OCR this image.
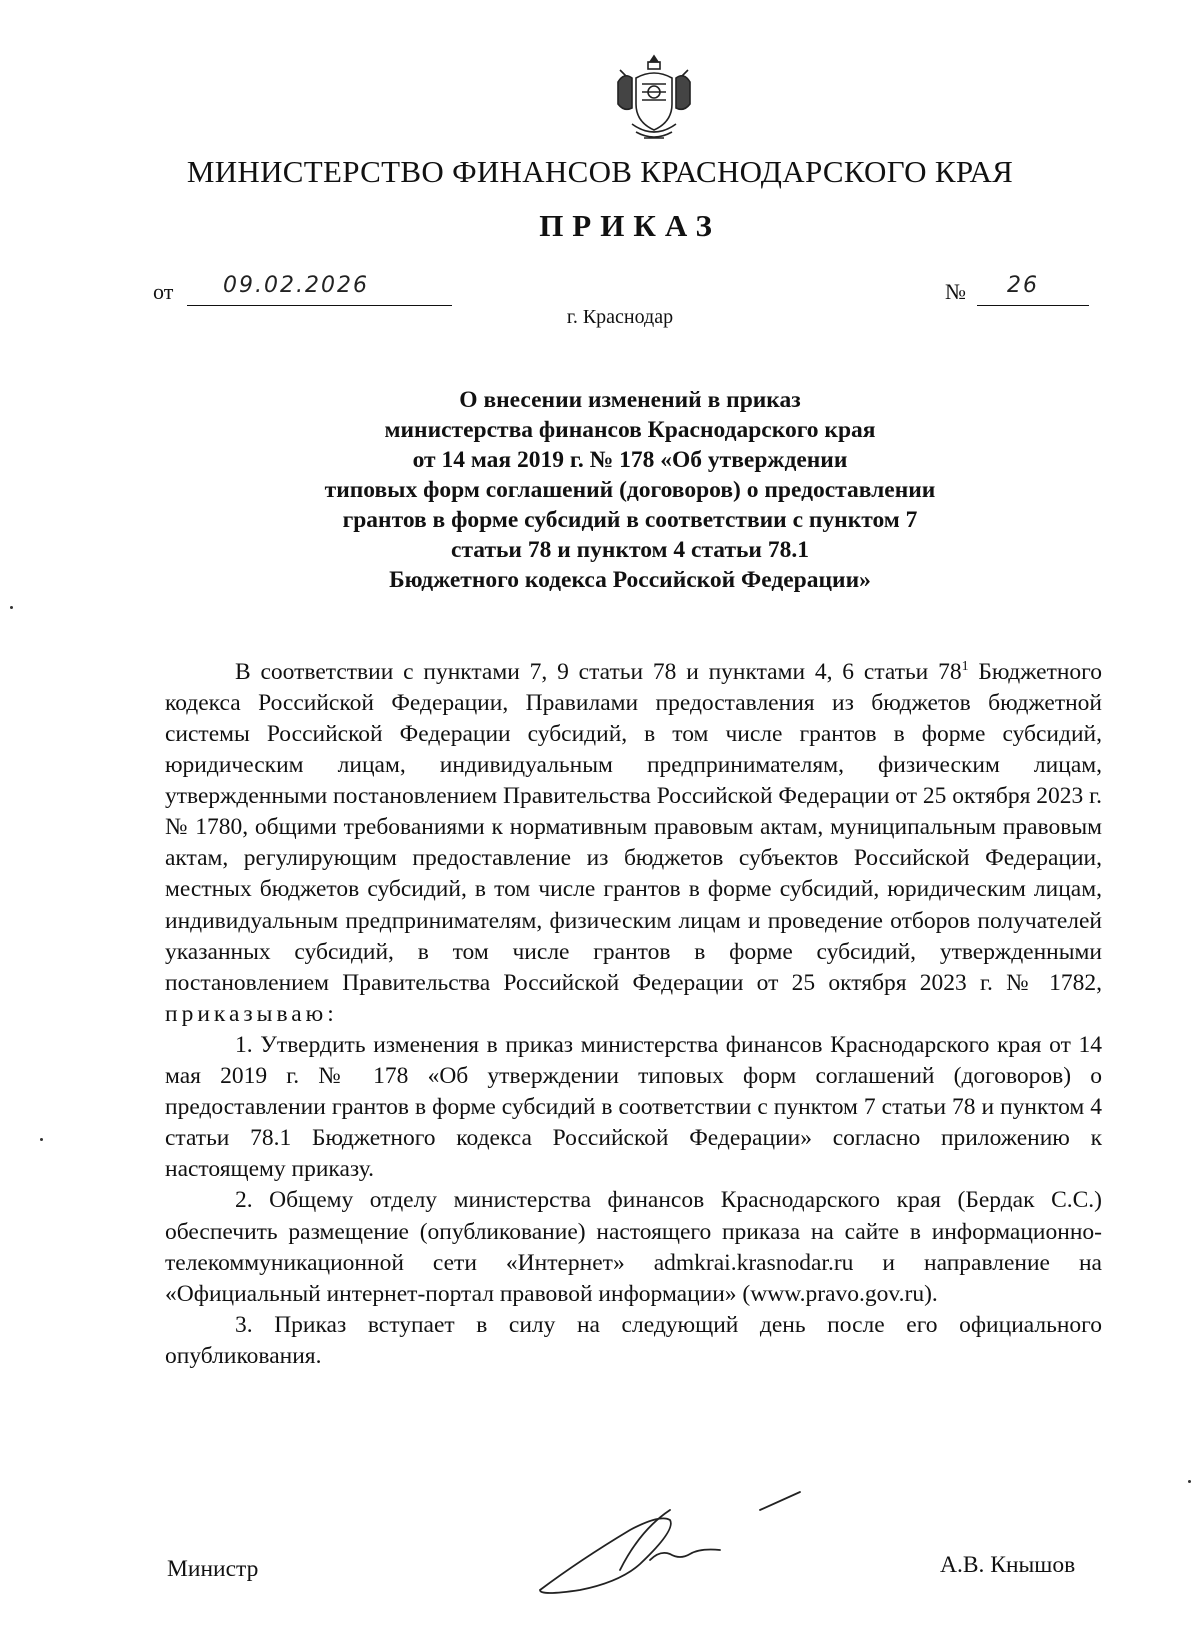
МИНИСТЕРСТВО ФИНАНСОВ КРАСНОДАРСКОГО КРАЯ
ПРИКАЗ
от 09.02.2026	№ 26
г. Краснодар
О внесении изменений в приказ
министерства финансов Краснодарского края
от 14 мая 2019 г. № 178 «Об утверждении
типовых форм соглашений (договоров) о предоставлении
грантов в форме субсидий в соответствии с пунктом 7
статьи 78 и пунктом 4 статьи 78.1
Бюджетного кодекса Российской Федерации»

В соответствии с пунктами 7, 9 статьи 78 и пунктами 4, 6 статьи $78^1$ Бюджетного кодекса Российской Федерации, Правилами предоставления из бюджетов бюджетной системы Российской Федерации субсидий, в том числе грантов в форме субсидий, юридическим лицам, индивидуальным предпринимателям, физическим лицам, утвержденными постановлением Правительства Российской Федерации от 25 октября 2023 г. № 1780, общими требованиями к нормативным правовым актам, муниципальным правовым актам, регулирующим предоставление из бюджетов субъектов Российской Федерации, местных бюджетов субсидий, в том числе грантов в форме субсидий, юридическим лицам, индивидуальным предпринимателям, физическим лицам и проведение отборов получателей указанных субсидий, в том числе грантов в форме субсидий, утвержденными постановлением Правительства Российской Федерации от 25 октября 2023 г. № 1782, приказываю:

1. Утвердить изменения в приказ министерства финансов Краснодарского края от 14 мая 2019 г. № 178 «Об утверждении типовых форм соглашений (договоров) о предоставлении грантов в форме субсидий в соответствии с пунктом 7 статьи 78 и пунктом 4 статьи 78.1 Бюджетного кодекса Российской Федерации» согласно приложению к настоящему приказу.

2. Общему отделу министерства финансов Краснодарского края (Бердак С.С.) обеспечить размещение (опубликование) настоящего приказа на сайте в информационно-телекоммуникационной сети «Интернет» admkrai.krasnodar.ru и направление на «Официальный интернет-портал правовой информации» (www.pravo.gov.ru).

3. Приказ вступает в силу на следующий день после его официального опубликования.

Министр	А.В. Кнышов
